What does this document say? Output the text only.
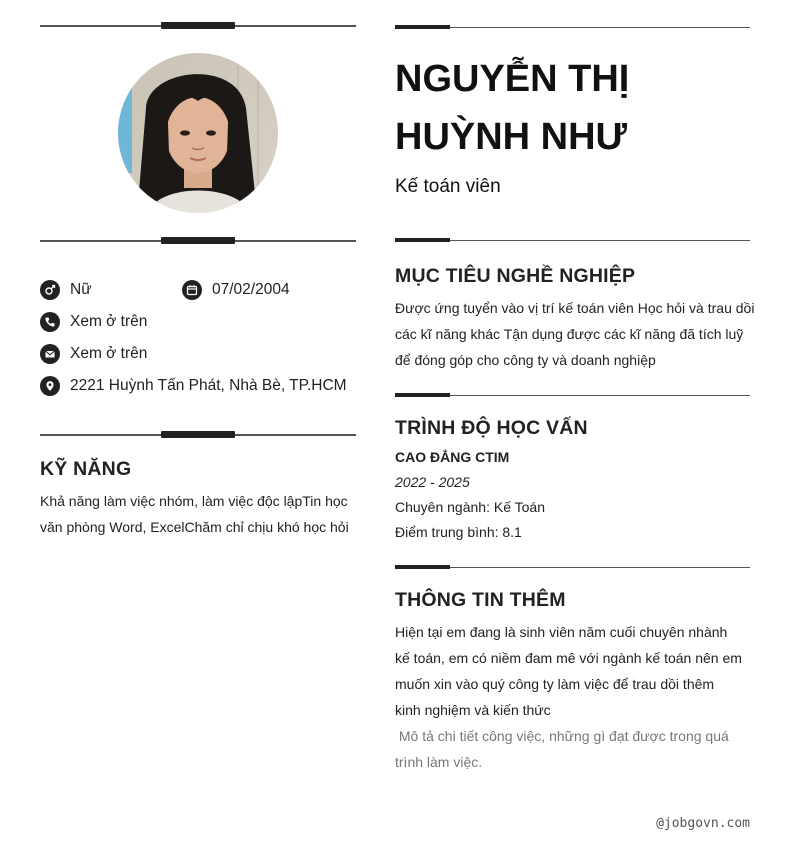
Nữ	07/02/2004
Xem ở trên
Xem ở trên
2221 Huỳnh Tấn Phát, Nhà Bè, TP.HCM
KỸ NĂNG
Khả năng làm việc nhóm, làm việc độc lậpTin học
văn phòng Word, ExcelChăm chỉ chịu khó học hỏi
NGUYỄN THỊ
HUỲNH NHƯ
Kế toán viên
MỤC TIÊU NGHỀ NGHIỆP
Được ứng tuyển vào vị trí kế toán viên Học hỏi và trau dồi
các kĩ năng khác Tận dụng được các kĩ năng đã tích luỹ
để đóng góp cho công ty và doanh nghiệp
TRÌNH ĐỘ HỌC VẤN
CAO ĐẲNG CTIM
2022 - 2025
Chuyên ngành: Kế Toán
Điểm trung bình: 8.1
THÔNG TIN THÊM
Hiện tại em đang là sinh viên năm cuối chuyên nhành
kế toán, em có niềm đam mê với ngành kế toán nên em
muốn xin vào quý công ty làm việc để trau dồi thêm
kinh nghiệm và kiến thức
Mô tả chi tiết công việc, những gì đạt được trong quá
trình làm việc.
@jobgovn.com
